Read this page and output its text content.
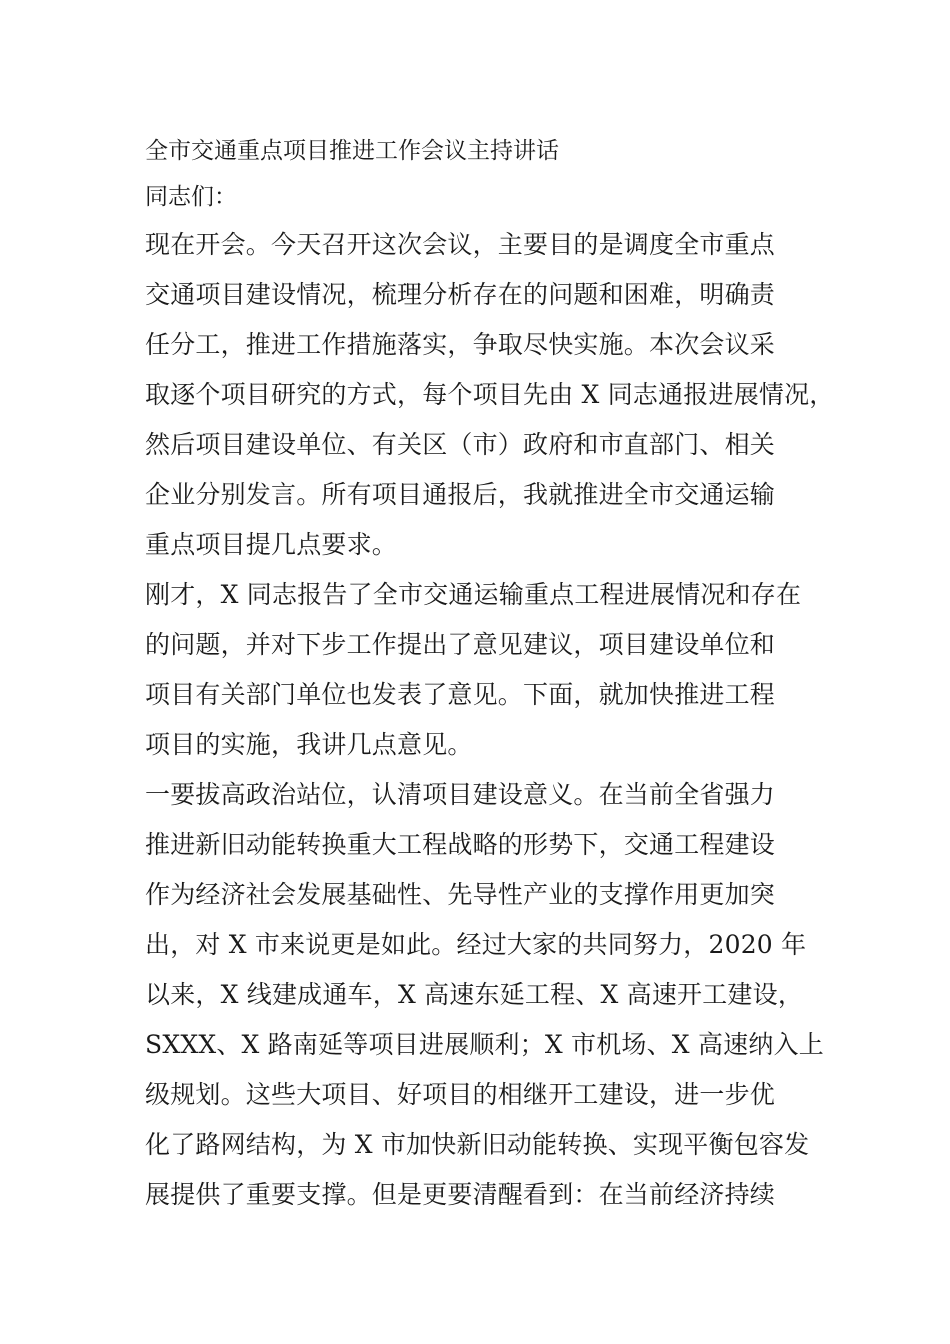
全市交通重点项目推进工作会议主持讲话

同志们：

现在开会。今天召开这次会议，主要目的是调度全市重点
交通项目建设情况，梳理分析存在的问题和困难，明确责
任分工，推进工作措施落实，争取尽快实施。本次会议采
取逐个项目研究的方式，每个项目先由 X 同志通报进展情况，
然后项目建设单位、有关区（市）政府和市直部门、相关
企业分别发言。所有项目通报后，我就推进全市交通运输
重点项目提几点要求。
刚才，X 同志报告了全市交通运输重点工程进展情况和存在
的问题，并对下步工作提出了意见建议，项目建设单位和
项目有关部门单位也发表了意见。下面，就加快推进工程
项目的实施，我讲几点意见。
一要拔高政治站位，认清项目建设意义。在当前全省强力
推进新旧动能转换重大工程战略的形势下，交通工程建设
作为经济社会发展基础性、先导性产业的支撑作用更加突
出，对 X 市来说更是如此。经过大家的共同努力，2020 年
以来，X 线建成通车，X 高速东延工程、X 高速开工建设，
SXXX、X 路南延等项目进展顺利；X 市机场、X 高速纳入上
级规划。这些大项目、好项目的相继开工建设，进一步优
化了路网结构，为 X 市加快新旧动能转换、实现平衡包容发
展提供了重要支撑。但是更要清醒看到：在当前经济持续
